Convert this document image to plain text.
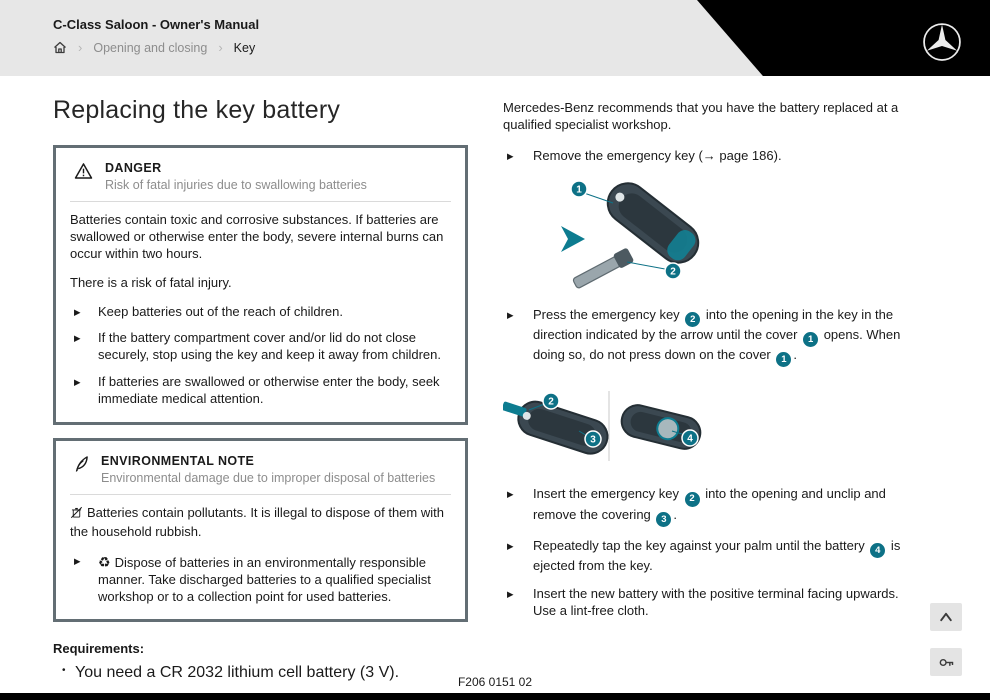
C-Class Saloon - Owner's Manual
› Opening and closing › Key
Replacing the key battery
DANGER
Risk of fatal injuries due to swallowing batteries

Batteries contain toxic and corrosive substances. If batteries are swallowed or otherwise enter the body, severe internal burns can occur within two hours.

There is a risk of fatal injury.

▶	Keep batteries out of the reach of children.
▶	If the battery compartment cover and/or lid do not close securely, stop using the key and keep it away from children.
▶	If batteries are swallowed or otherwise enter the body, seek immediate medical attention.
ENVIRONMENTAL NOTE
Environmental damage due to improper disposal of batteries

Batteries contain pollutants. It is illegal to dispose of them with the household rubbish.

▶	♻ Dispose of batteries in an environmentally responsible manner. Take discharged batteries to a qualified specialist workshop or to a collection point for used batteries.
Requirements:
• You need a CR 2032 lithium cell battery (3 V).

Mercedes-Benz recommends that you have the battery replaced at a qualified specialist workshop.

▶	Remove the emergency key (→ page 186).
1
2
▶	Press the emergency key 2 into the opening in the key in the direction indicated by the arrow until the cover 1 opens. When doing so, do not press down on the cover 1 .
2
3	4
▶	Insert the emergency key 2 into the opening and unclip and remove the covering 3 .
▶	Repeatedly tap the key against your palm until the battery 4 is ejected from the key.
▶	Insert the new battery with the positive terminal facing upwards. Use a lint-free cloth.
F206 0151 02
